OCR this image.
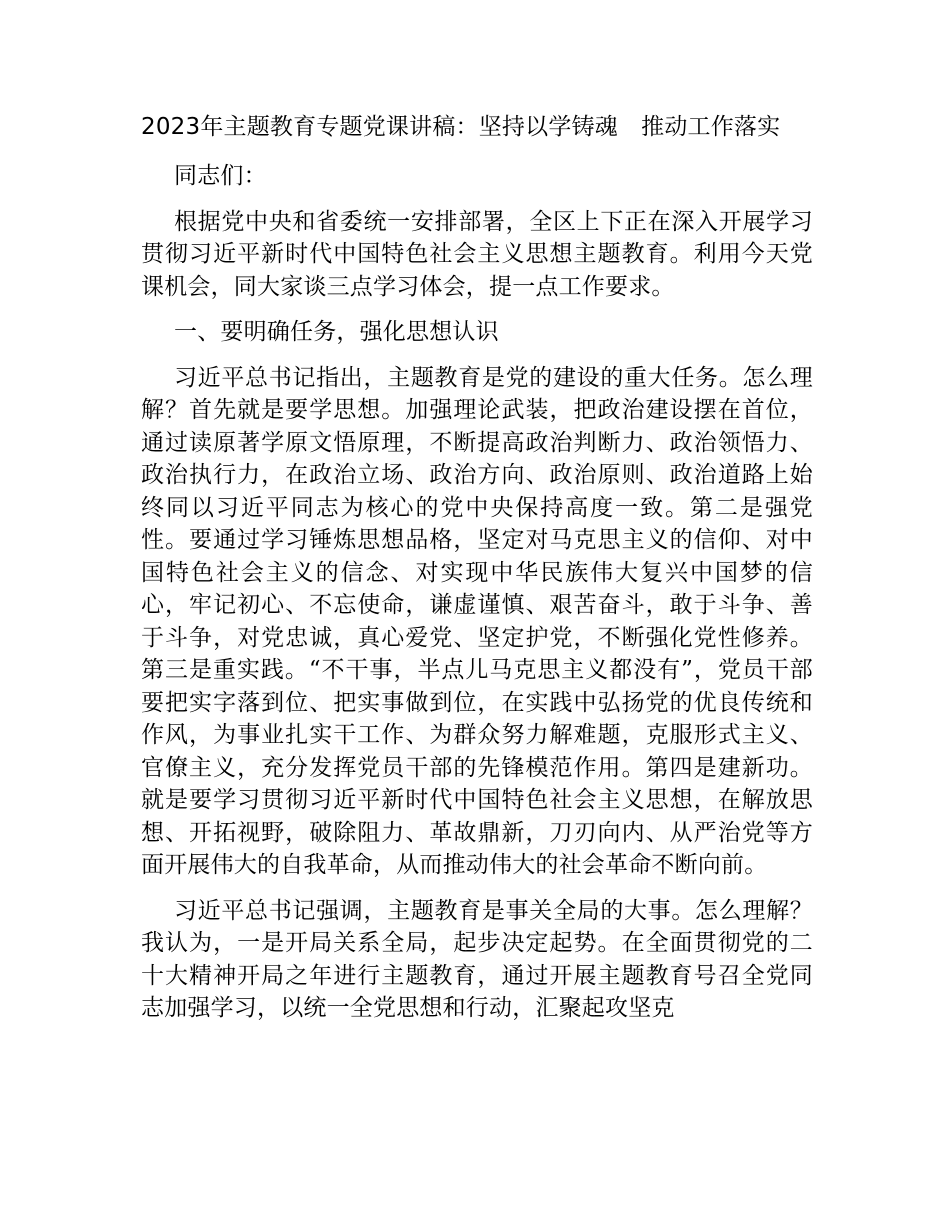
2023年主题教育专题党课讲稿：坚持以学铸魂　推动工作落实

同志们：

根据党中央和省委统一安排部署，全区上下正在深入开展学习贯彻习近平新时代中国特色社会主义思想主题教育。利用今天党课机会，同大家谈三点学习体会，提一点工作要求。

一、要明确任务，强化思想认识

习近平总书记指出，主题教育是党的建设的重大任务。怎么理解？首先就是要学思想。加强理论武装，把政治建设摆在首位，通过读原著学原文悟原理，不断提高政治判断力、政治领悟力、政治执行力，在政治立场、政治方向、政治原则、政治道路上始终同以习近平同志为核心的党中央保持高度一致。第二是强党性。要通过学习锤炼思想品格，坚定对马克思主义的信仰、对中国特色社会主义的信念、对实现中华民族伟大复兴中国梦的信心，牢记初心、不忘使命，谦虚谨慎、艰苦奋斗，敢于斗争、善于斗争，对党忠诚，真心爱党、坚定护党，不断强化党性修养。第三是重实践。“不干事，半点儿马克思主义都没有”，党员干部要把实字落到位、把实事做到位，在实践中弘扬党的优良传统和作风，为事业扎实干工作、为群众努力解难题，克服形式主义、官僚主义，充分发挥党员干部的先锋模范作用。第四是建新功。就是要学习贯彻习近平新时代中国特色社会主义思想，在解放思想、开拓视野，破除阻力、革故鼎新，刀刃向内、从严治党等方面开展伟大的自我革命，从而推动伟大的社会革命不断向前。

习近平总书记强调，主题教育是事关全局的大事。怎么理解？我认为，一是开局关系全局，起步决定起势。在全面贯彻党的二十大精神开局之年进行主题教育，通过开展主题教育号召全党同志加强学习，以统一全党思想和行动，汇聚起攻坚克
